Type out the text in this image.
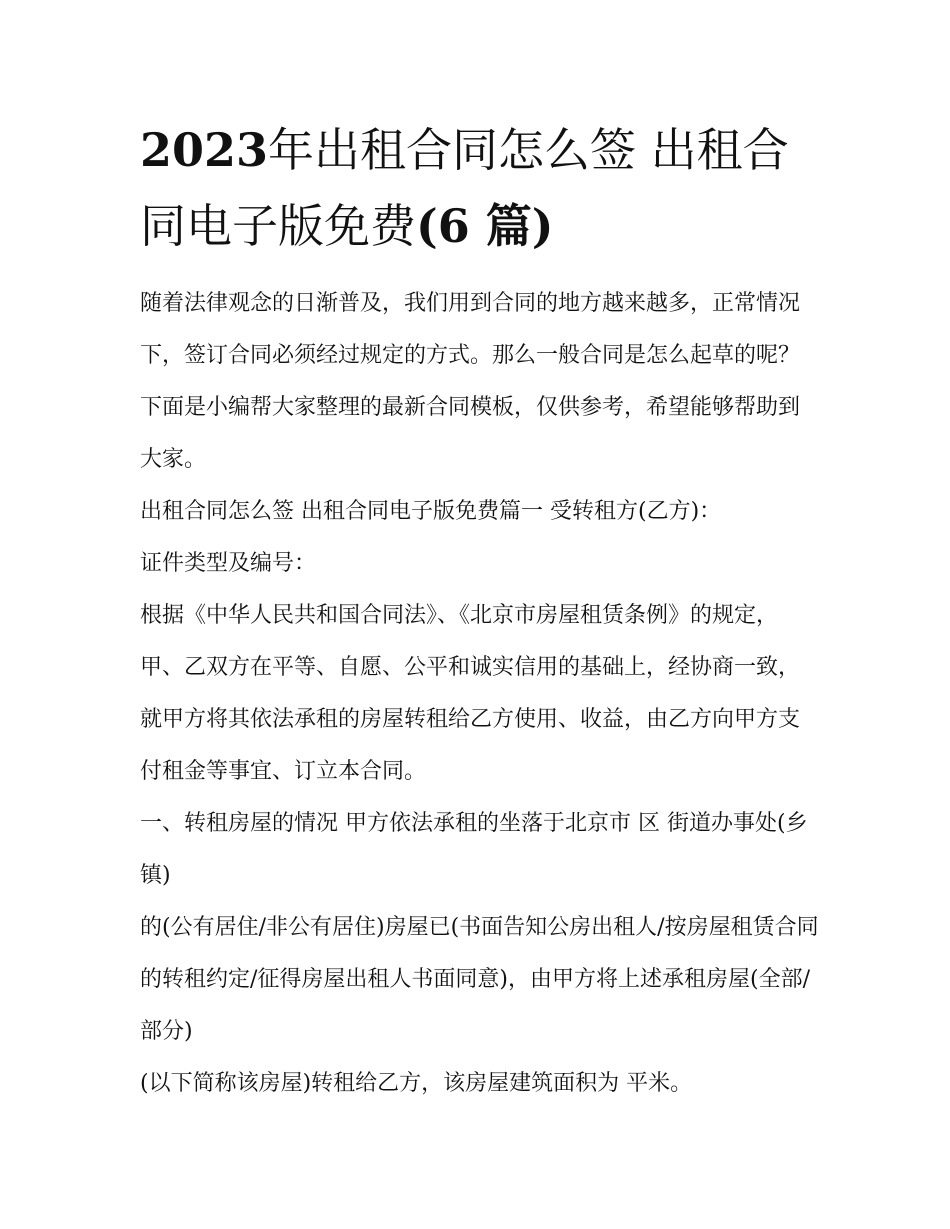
2023年出租合同怎么签 出租合同电子版免费(6 篇)

随着法律观念的日渐普及，我们用到合同的地方越来越多，正常情况下，签订合同必须经过规定的方式。那么一般合同是怎么起草的呢？下面是小编帮大家整理的最新合同模板，仅供参考，希望能够帮助到大家。

出租合同怎么签 出租合同电子版免费篇一 受转租方(乙方)：

证件类型及编号：

根据《中华人民共和国合同法》、《北京市房屋租赁条例》的规定，甲、乙双方在平等、自愿、公平和诚实信用的基础上，经协商一致，就甲方将其依法承租的房屋转租给乙方使用、收益，由乙方向甲方支付租金等事宜、订立本合同。

一、转租房屋的情况 甲方依法承租的坐落于北京市 区 街道办事处(乡镇)

的(公有居住/非公有居住)房屋已(书面告知公房出租人/按房屋租赁合同的转租约定/征得房屋出租人书面同意)，由甲方将上述承租房屋(全部/部分)

(以下简称该房屋)转租给乙方，该房屋建筑面积为 平米。
